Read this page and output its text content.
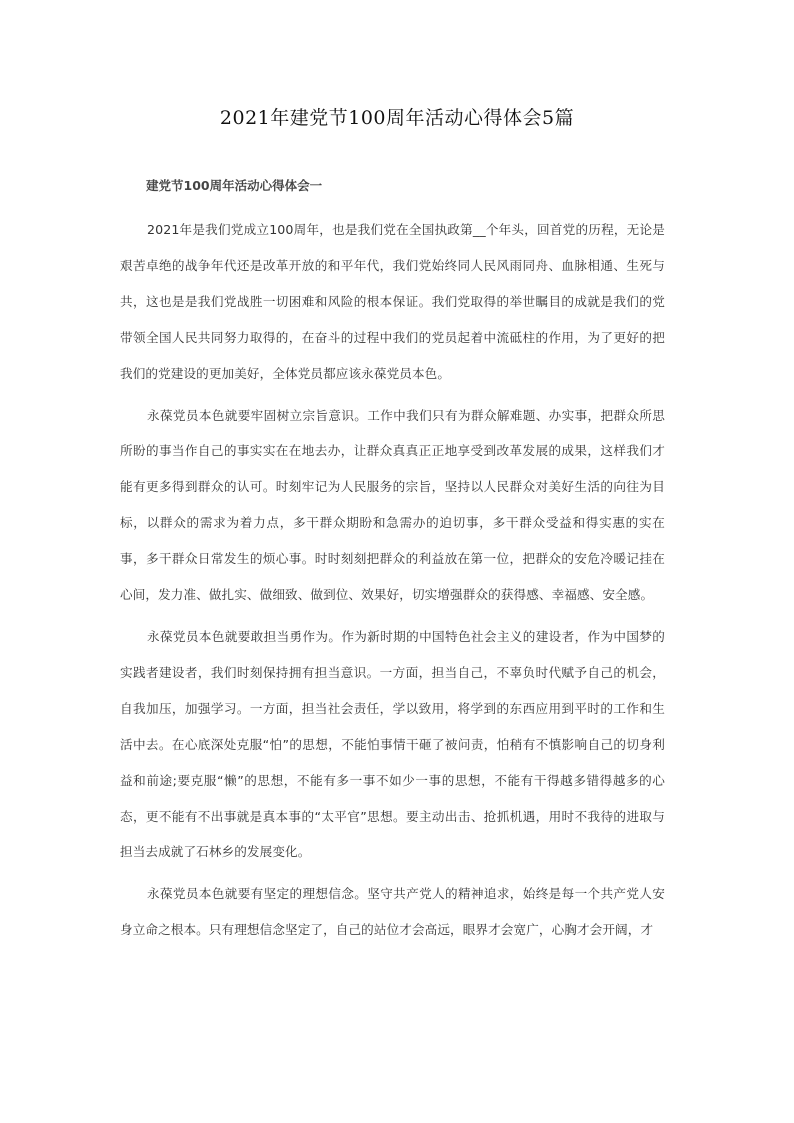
2021年建党节100周年活动心得体会5篇
建党节100周年活动心得体会一

2021年是我们党成立100周年，也是我们党在全国执政第__个年头，回首党的历程，无论是艰苦卓绝的战争年代还是改革开放的和平年代，我们党始终同人民风雨同舟、血脉相通、生死与共，这也是是我们党战胜一切困难和风险的根本保证。我们党取得的举世瞩目的成就是我们的党带领全国人民共同努力取得的，在奋斗的过程中我们的党员起着中流砥柱的作用，为了更好的把我们的党建设的更加美好，全体党员都应该永葆党员本色。

永葆党员本色就要牢固树立宗旨意识。工作中我们只有为群众解难题、办实事，把群众所思所盼的事当作自己的事实实在在地去办，让群众真真正正地享受到改革发展的成果，这样我们才能有更多得到群众的认可。时刻牢记为人民服务的宗旨，坚持以人民群众对美好生活的向往为目标，以群众的需求为着力点，多干群众期盼和急需办的迫切事，多干群众受益和得实惠的实在事，多干群众日常发生的烦心事。时时刻刻把群众的利益放在第一位，把群众的安危冷暖记挂在心间，发力准、做扎实、做细致、做到位、效果好，切实增强群众的获得感、幸福感、安全感。

永葆党员本色就要敢担当勇作为。作为新时期的中国特色社会主义的建设者，作为中国梦的实践者建设者，我们时刻保持拥有担当意识。一方面，担当自己，不辜负时代赋予自己的机会，自我加压，加强学习。一方面，担当社会责任，学以致用，将学到的东西应用到平时的工作和生活中去。在心底深处克服“怕”的思想，不能怕事情干砸了被问责，怕稍有不慎影响自己的切身利益和前途;要克服“懒”的思想，不能有多一事不如少一事的思想，不能有干得越多错得越多的心态，更不能有不出事就是真本事的“太平官”思想。要主动出击、抢抓机遇，用时不我待的进取与担当去成就了石林乡的发展变化。

永葆党员本色就要有坚定的理想信念。坚守共产党人的精神追求，始终是每一个共产党人安身立命之根本。只有理想信念坚定了，自己的站位才会高远，眼界才会宽广，心胸才会开阔，才
